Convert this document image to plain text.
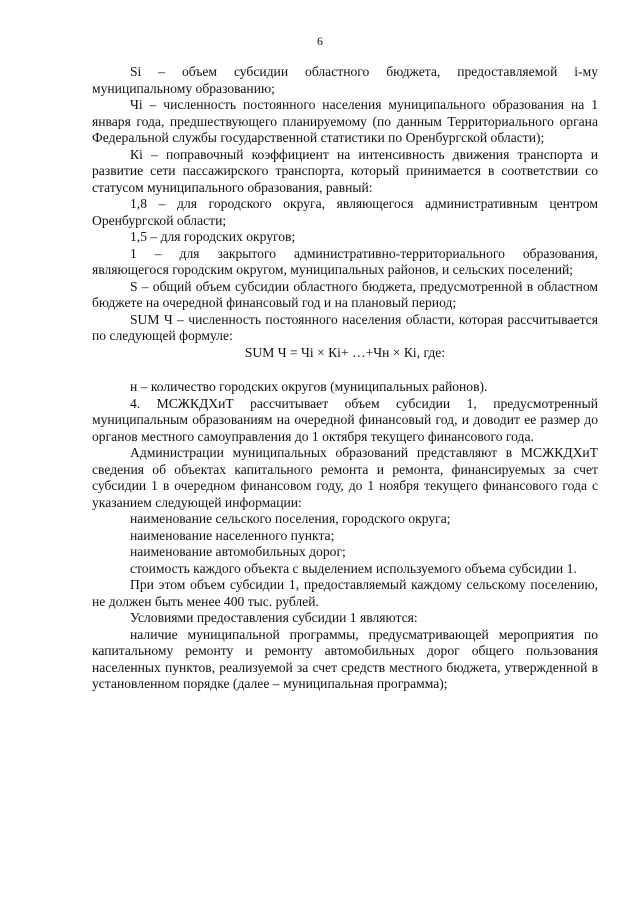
6

Si – объем субсидии областного бюджета, предоставляемой i-му муниципальному образованию;

Чi – численность постоянного населения муниципального образования на 1 января года, предшествующего планируемому (по данным Территориального органа Федеральной службы государственной статистики по Оренбургской области);

Кi – поправочный коэффициент на интенсивность движения транспорта и развитие сети пассажирского транспорта, который принимается в соответствии со статусом муниципального образования, равный:

1,8 – для городского округа, являющегося административным центром Оренбургской области;

1,5 – для городских округов;

1 – для закрытого административно-территориального образования, являющегося городским округом, муниципальных районов, и сельских поселений;

S – общий объем субсидии областного бюджета, предусмотренной в областном бюджете на очередной финансовый год и на плановый период;

SUM Ч – численность постоянного населения области, которая рассчитывается по следующей формуле:

SUM Ч = Чi × Кi+ …+Чн × Кi, где:

н – количество городских округов (муниципальных районов).

4. МСЖКДХиТ рассчитывает объем субсидии 1, предусмотренный муниципальным образованиям на очередной финансовый год, и доводит ее размер до органов местного самоуправления до 1 октября текущего финансового года.

Администрации муниципальных образований представляют в МСЖКДХиТ сведения об объектах капитального ремонта и ремонта, финансируемых за счет субсидии 1 в очередном финансовом году, до 1 ноября текущего финансового года с указанием следующей информации:

наименование сельского поселения, городского округа;

наименование населенного пункта;

наименование автомобильных дорог;

стоимость каждого объекта с выделением используемого объема субсидии 1.

При этом объем субсидии 1, предоставляемый каждому сельскому поселению, не должен быть менее 400 тыс. рублей.

Условиями предоставления субсидии 1 являются:

наличие муниципальной программы, предусматривающей мероприятия по капитальному ремонту и ремонту автомобильных дорог общего пользования населенных пунктов, реализуемой за счет средств местного бюджета, утвержденной в установленном порядке (далее – муниципальная программа);
